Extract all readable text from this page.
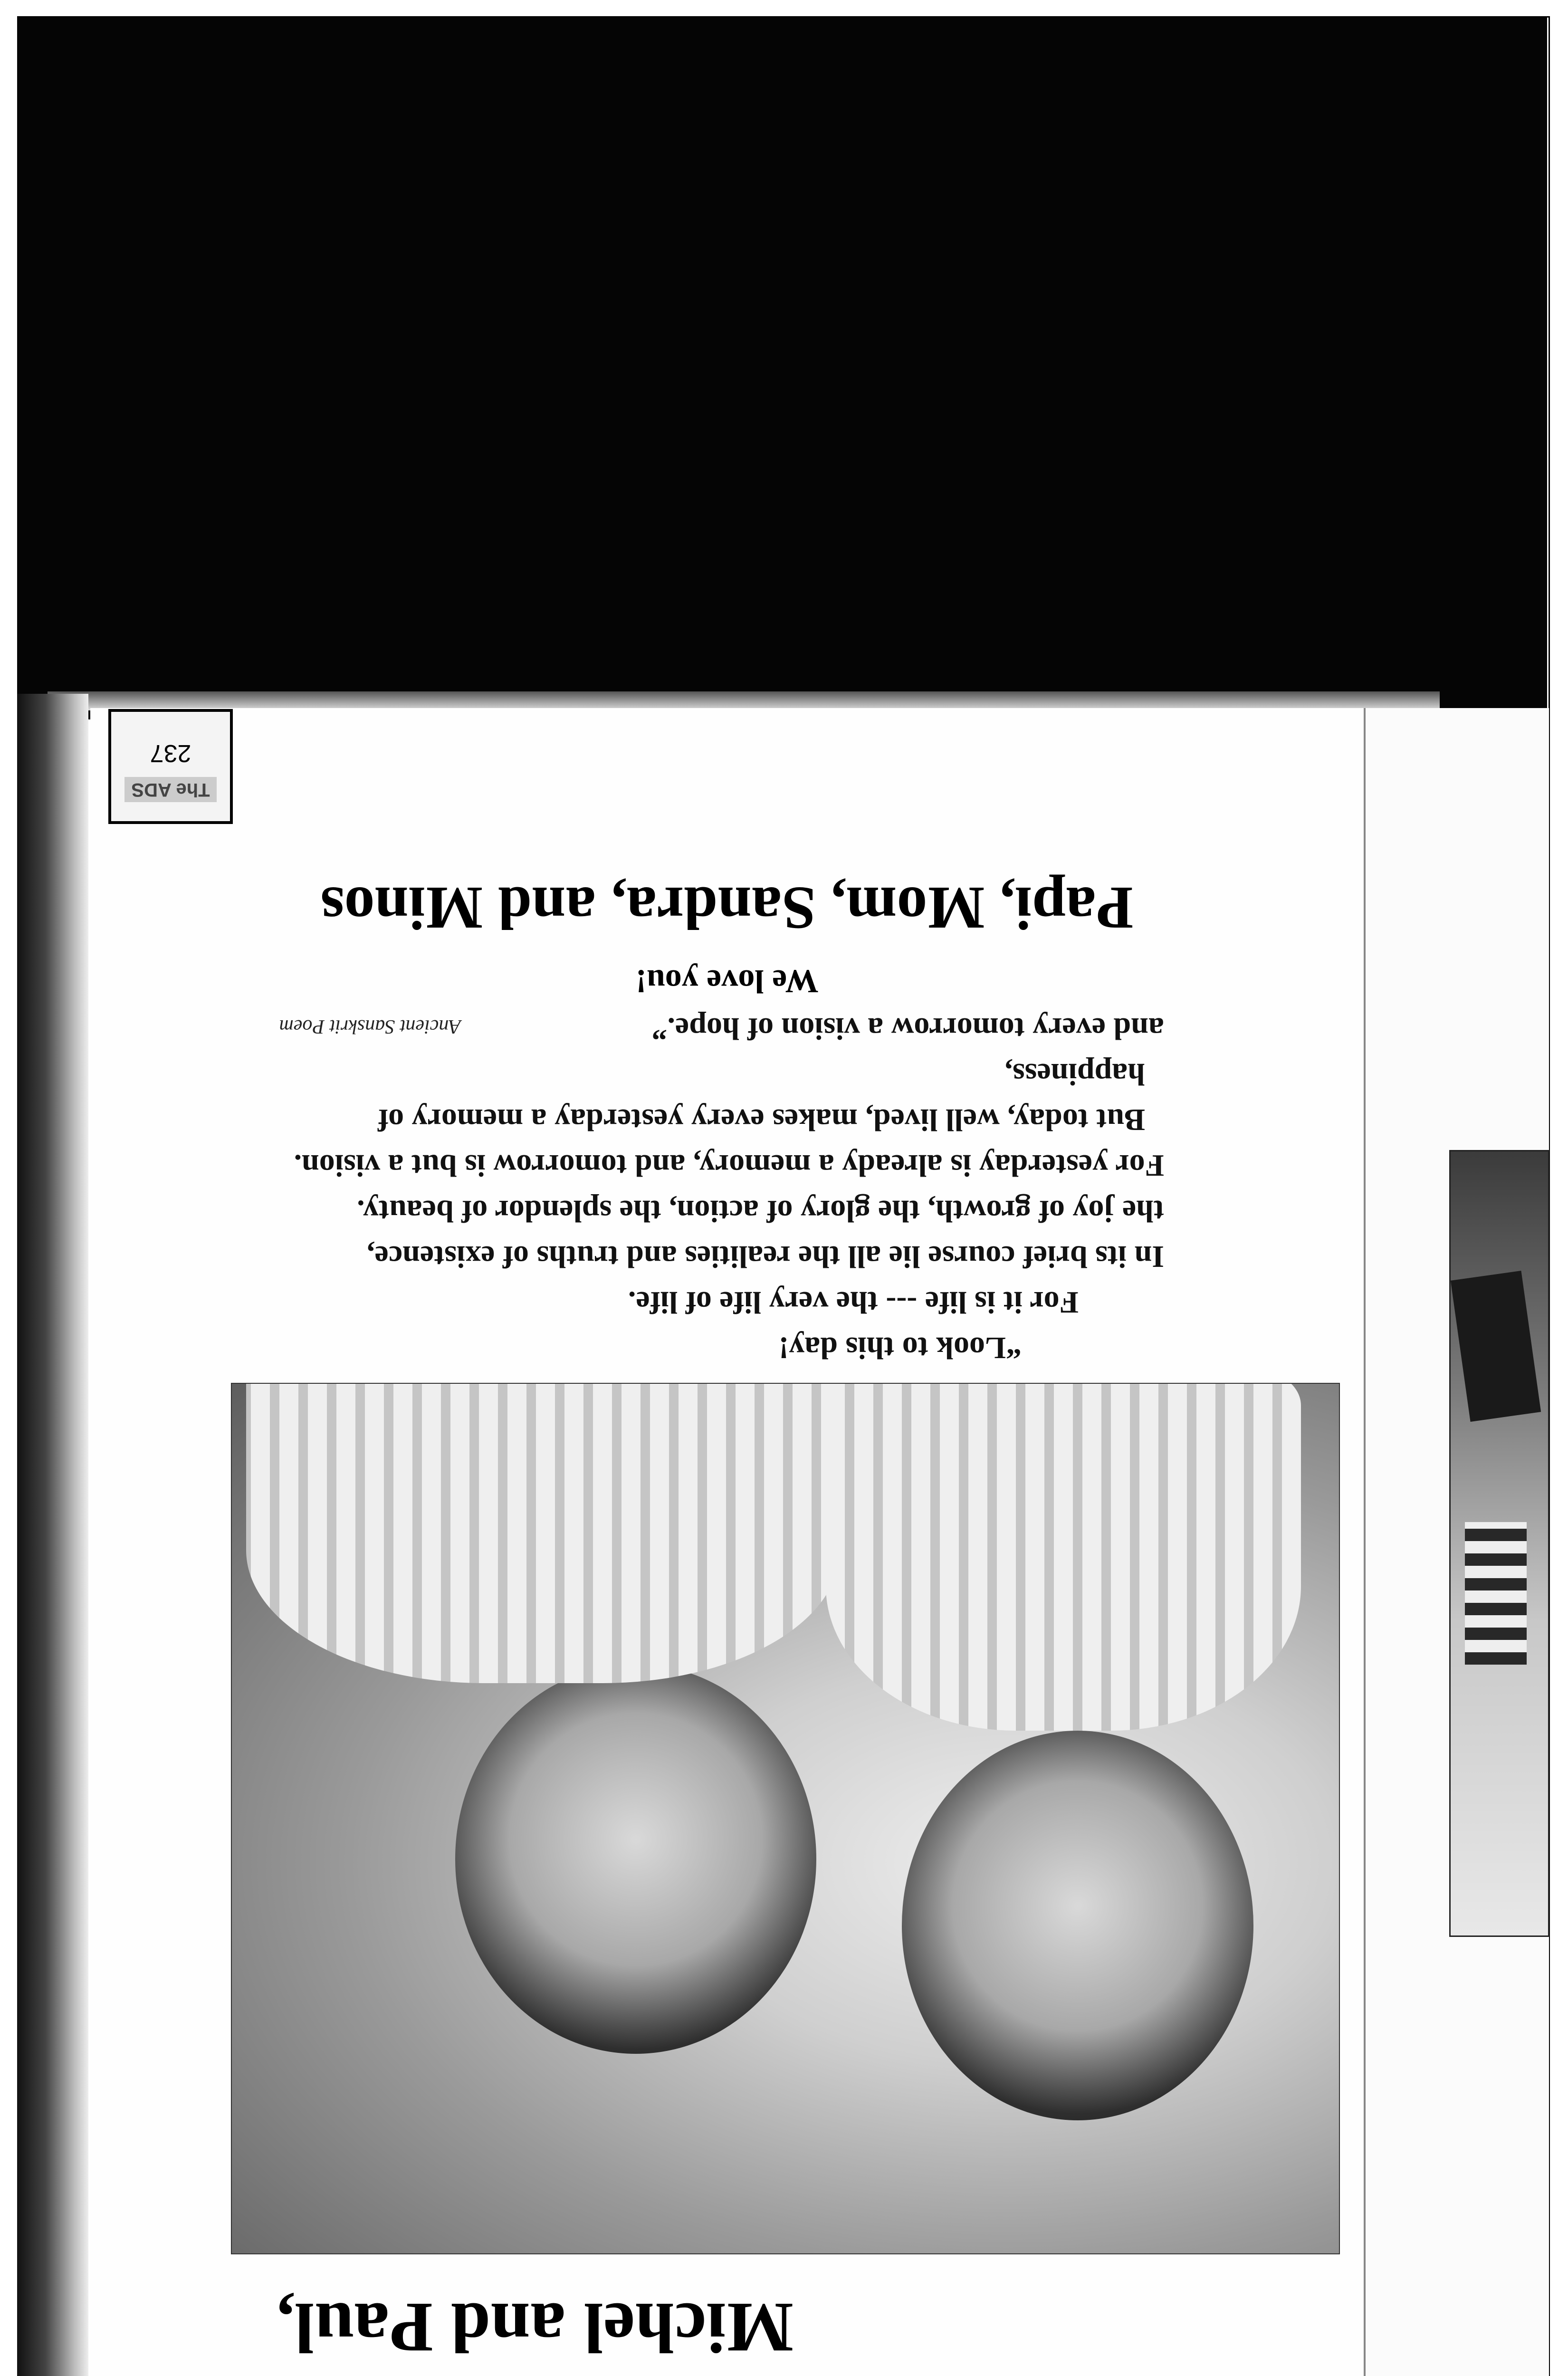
Michel and Paul,
“Look to this day!
For it is life --- the very life of life.
In its brief course lie all the realities and truths of existence,
the joy of growth, the glory of action, the splendor of beauty.
For yesterday is already a memory, and tomorrow is but a vision.
But today, well lived, makes every yesterday a memory of happiness,
and every tomorrow a vision of hope.”
Ancient Sanskrit Poem
We love you!
Papi, Mom, Sandra, and Minos
The ADS
237
